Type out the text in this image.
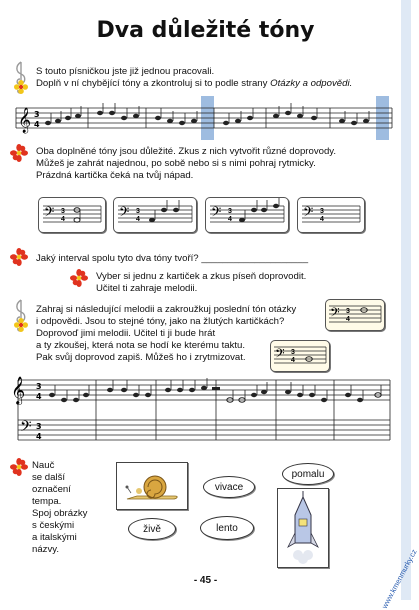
Dva důležité tóny
S touto písničkou jste již jednou pracovali.
Doplň v ní chybějící tóny a zkontroluj si to podle strany Otázky a odpovědi.
𝄞 3
4
Oba doplněné tóny jsou důležité. Zkus z nich vytvořit různé doprovody.
Můžeš je zahrát najednou, po sobě nebo si s nimi pohraj rytmicky.
Prázdná kartička čeká na tvůj nápad.
𝄢 3
4	𝄢 3
4	𝄢 3
4	𝄢 3
4
Jaký interval spolu tyto dva tóny tvoří? ____________________
Vyber si jednu z kartiček a zkus píseň doprovodit.
Učitel ti zahraje melodii.
Zahraj si následující melodii a zakroužkuj poslední tón otázky
i odpovědi. Jsou to stejné tóny, jako na žlutých kartičkách?
Doprovoď jimi melodii. Učitel ti ji bude hrát
a ty zkoušej, která nota se hodí ke kterému taktu.
Pak svůj doprovod zapiš. Můžeš ho i zrytmizovat.
𝄢 3
4
𝄢 3
4
𝄞
𝄢
3
4
3
4
Nauč
se další
označení
tempa.
Spoj obrázky
s českými
a italskými
názvy.
vivace
pomalu
živě	lento
- 45 -	www.kmenmurky.cz
